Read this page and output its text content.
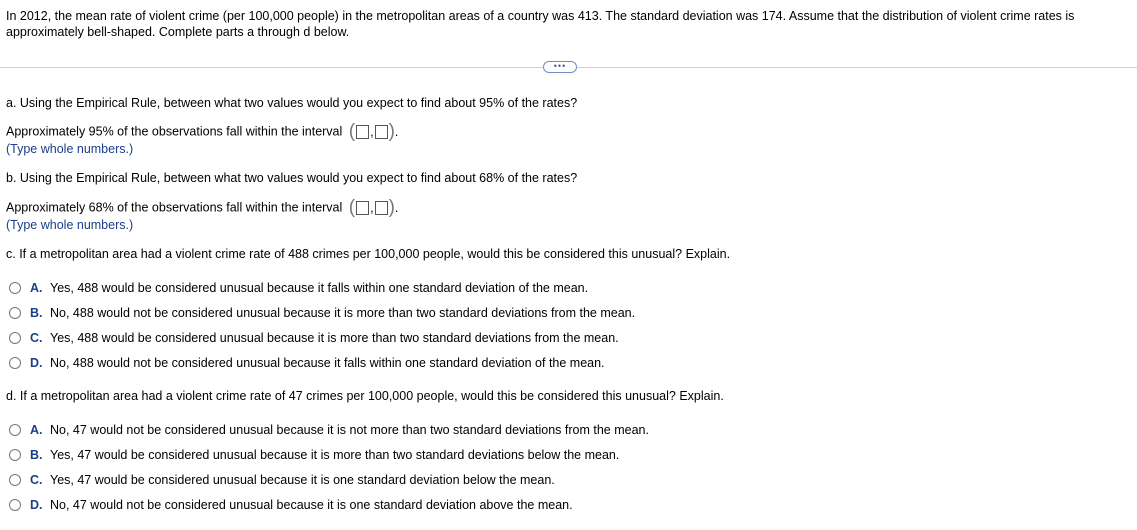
In 2012, the mean rate of violent crime (per 100,000 people) in the metropolitan areas of a country was 413. The standard deviation was 174. Assume that the distribution of violent crime rates is approximately bell-shaped. Complete parts a through d below.
•••
a. Using the Empirical Rule, between what two values would you expect to find about 95% of the rates?
Approximately 95% of the observations fall within the interval ( , ) .
(Type whole numbers.)
b. Using the Empirical Rule, between what two values would you expect to find about 68% of the rates?
Approximately 68% of the observations fall within the interval ( , ) .
(Type whole numbers.)
c. If a metropolitan area had a violent crime rate of 488 crimes per 100,000 people, would this be considered this unusual? Explain.
A. Yes, 488 would be considered unusual because it falls within one standard deviation of the mean.
B. No, 488 would not be considered unusual because it is more than two standard deviations from the mean.
C. Yes, 488 would be considered unusual because it is more than two standard deviations from the mean.
D. No, 488 would not be considered unusual because it falls within one standard deviation of the mean.
d. If a metropolitan area had a violent crime rate of 47 crimes per 100,000 people, would this be considered this unusual? Explain.
A. No, 47 would not be considered unusual because it is not more than two standard deviations from the mean.
B. Yes, 47 would be considered unusual because it is more than two standard deviations below the mean.
C. Yes, 47 would be considered unusual because it is one standard deviation below the mean.
D. No, 47 would not be considered unusual because it is one standard deviation above the mean.
